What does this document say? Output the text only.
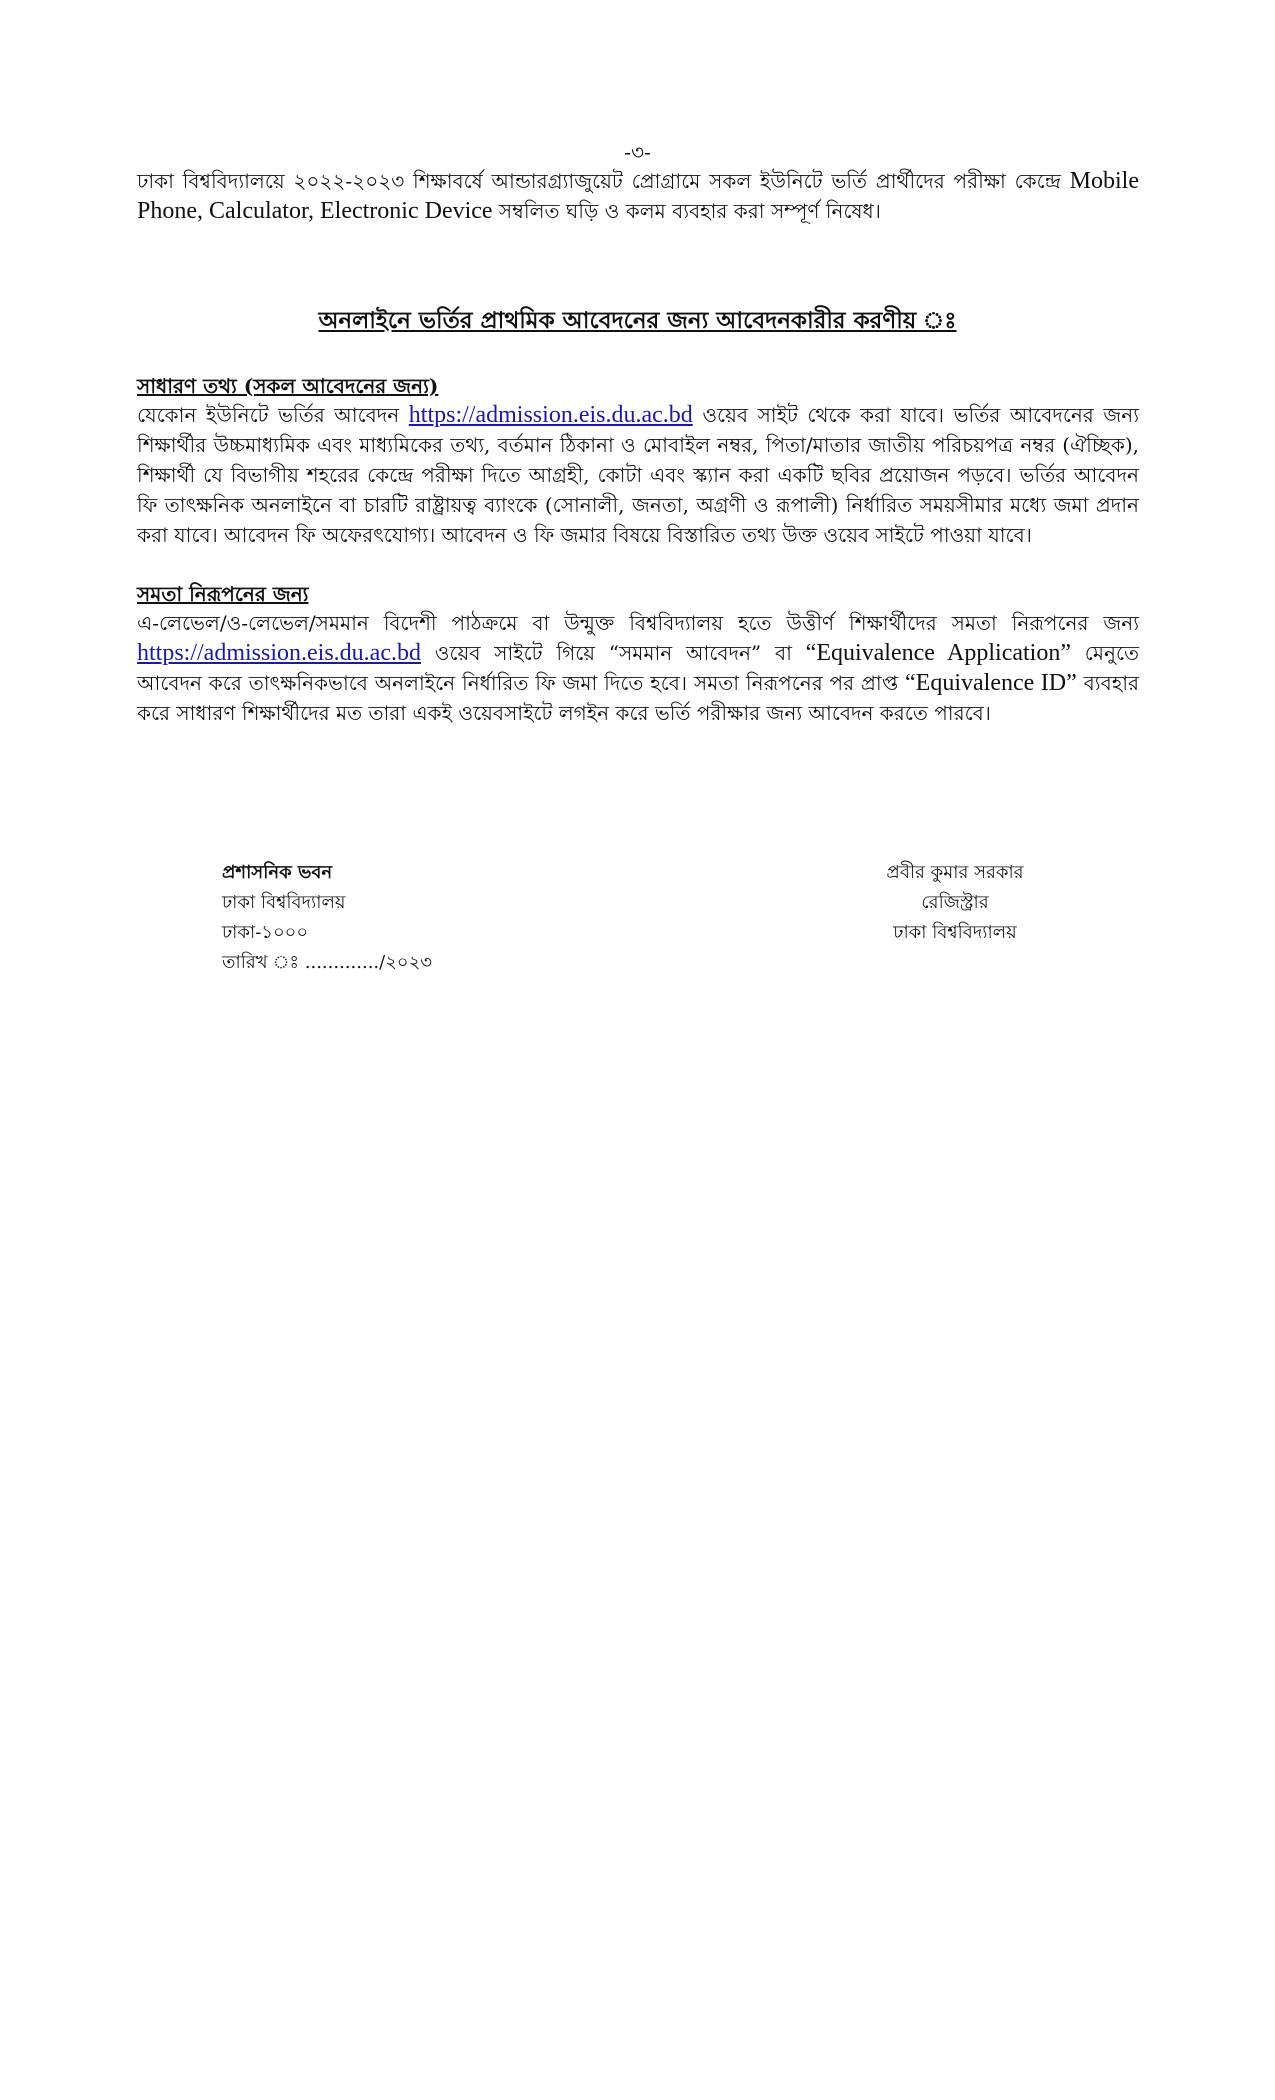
-৩-

ঢাকা বিশ্ববিদ্যালয়ে ২০২২-২০২৩ শিক্ষাবর্ষে আন্ডারগ্র্যাজুয়েট প্রোগ্রামে সকল ইউনিটে ভর্তি প্রার্থীদের পরীক্ষা কেন্দ্রে Mobile Phone, Calculator, Electronic Device সম্বলিত ঘড়ি ও কলম ব্যবহার করা সম্পূর্ণ নিষেধ।

অনলাইনে ভর্তির প্রাথমিক আবেদনের জন্য আবেদনকারীর করণীয় ঃ

সাধারণ তথ্য (সকল আবেদনের জন্য)

যেকোন ইউনিটে ভর্তির আবেদন https://admission.eis.du.ac.bd ওয়েব সাইট থেকে করা যাবে। ভর্তির আবেদনের জন্য শিক্ষার্থীর উচ্চমাধ্যমিক এবং মাধ্যমিকের তথ্য, বর্তমান ঠিকানা ও মোবাইল নম্বর, পিতা/মাতার জাতীয় পরিচয়পত্র নম্বর (ঐচ্ছিক), শিক্ষার্থী যে বিভাগীয় শহরের কেন্দ্রে পরীক্ষা দিতে আগ্রহী, কোটা এবং স্ক্যান করা একটি ছবির প্রয়োজন পড়বে। ভর্তির আবেদন ফি তাৎক্ষনিক অনলাইনে বা চারটি রাষ্ট্রায়ত্ব ব্যাংকে (সোনালী, জনতা, অগ্রণী ও রূপালী) নির্ধারিত সময়সীমার মধ্যে জমা প্রদান করা যাবে। আবেদন ফি অফেরৎযোগ্য। আবেদন ও ফি জমার বিষয়ে বিস্তারিত তথ্য উক্ত ওয়েব সাইটে পাওয়া যাবে।

সমতা নিরূপনের জন্য

এ-লেভেল/ও-লেভেল/সমমান বিদেশী পাঠক্রমে বা উন্মুক্ত বিশ্ববিদ্যালয় হতে উত্তীর্ণ শিক্ষার্থীদের সমতা নিরূপনের জন্য https://admission.eis.du.ac.bd ওয়েব সাইটে গিয়ে “সমমান আবেদন” বা “Equivalence Application” মেনুতে আবেদন করে তাৎক্ষনিকভাবে অনলাইনে নির্ধারিত ফি জমা দিতে হবে। সমতা নিরূপনের পর প্রাপ্ত “Equivalence ID” ব্যবহার করে সাধারণ শিক্ষার্থীদের মত তারা একই ওয়েবসাইটে লগইন করে ভর্তি পরীক্ষার জন্য আবেদন করতে পারবে।

প্রশাসনিক ভবন
ঢাকা বিশ্ববিদ্যালয়
ঢাকা-১০০০
তারিখ ঃ ............./২০২৩
প্রবীর কুমার সরকার
রেজিস্ট্রার
ঢাকা বিশ্ববিদ্যালয়
